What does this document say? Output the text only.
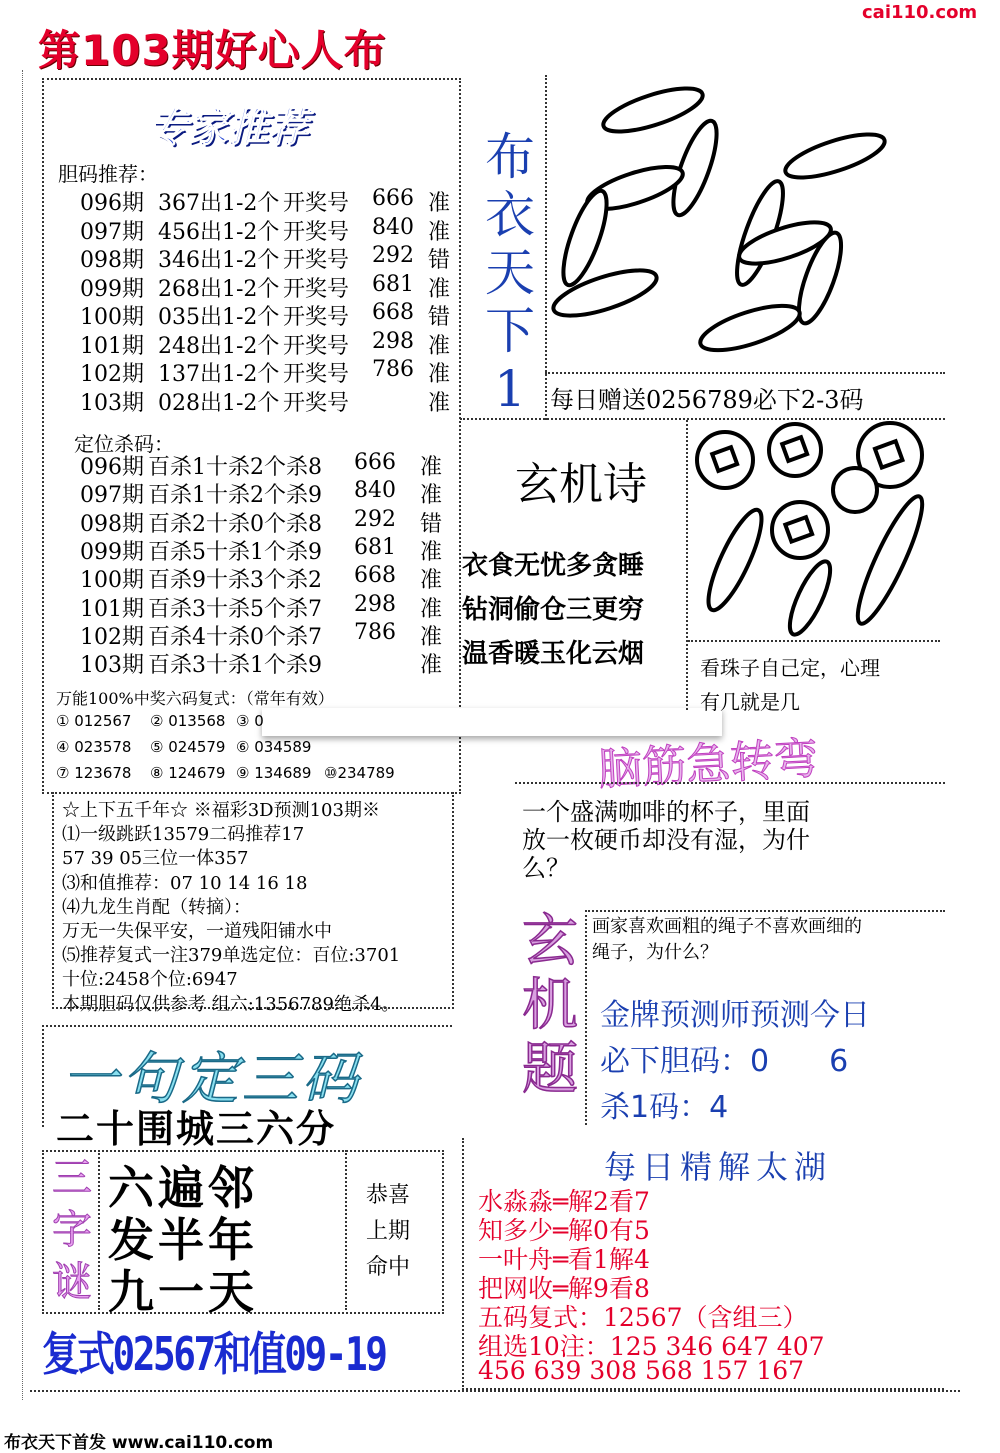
cai110.com
第103期好心人布
专家推荐
胆码推荐：
定位杀码：
万能100%中奖六码复式：（常年有效）
布
衣
天
下
1	每日赠送0256789必下2-3码
玄机诗
脑筋急转弯
玄
机
题
一句定三码
二十围城三六分
三
字
谜
复式02567和值09-19
每日精解太湖
布衣天下首发 www.cai110.com
096期 367出1-2个 开奖号 666 准
097期 456出1-2个 开奖号 840 准
098期 346出1-2个 开奖号 292 错
099期 268出1-2个 开奖号 681 准
100期 035出1-2个 开奖号 668 错
101期 248出1-2个 开奖号 298 准
102期 137出1-2个 开奖号 786 准
103期 028出1-2个 开奖号	准
096期 百杀1十杀2个杀8 666 准
097期 百杀1十杀2个杀9 840 准
098期 百杀2十杀0个杀8 292 错
099期 百杀5十杀1个杀9 681 准
100期 百杀9十杀3个杀2 668 准
101期 百杀3十杀5个杀7 298 准
102期 百杀4十杀0个杀7 786 准
103期 百杀3十杀1个杀9	准
① 012567 ② 013568 ③ 0
④ 023578 ⑤ 024579 ⑥ 034589
⑦ 123678 ⑧ 124679 ⑨ 134689 ⑩234789
衣食无忧多贪睡
钻洞偷仓三更穷
温香暖玉化云烟	看珠子自己定，心理
有几就是几
一个盛满咖啡的杯子，里面
放一枚硬币却没有湿，为什
么？
☆上下五千年☆ ※福彩3D预测103期※
⑴一级跳跃13579二码推荐17
57 39 05三位一体357
⑶和值推荐：07 10 14 16 18
⑷九龙生肖配（转摘）：
万无一失保平安，一道残阳铺水中
⑸推荐复式一注379单选定位：百位:3701
十位:2458个位:6947
本期胆码仅供参考 组六:1356789绝杀4。
画家喜欢画粗的绳子不喜欢画细的
绳子，为什么？
金牌预测师预测今日
必下胆码：0　　6
杀1码：4
六遍邻
发半年
九一天
恭喜
上期
命中
水淼淼═解2看7
知多少═解0有5
一叶舟═看1解4
把网收═解9看8
五码复式：12567（含组三）
组选10注：125 346 647 407
456 639 308 568 157 167
